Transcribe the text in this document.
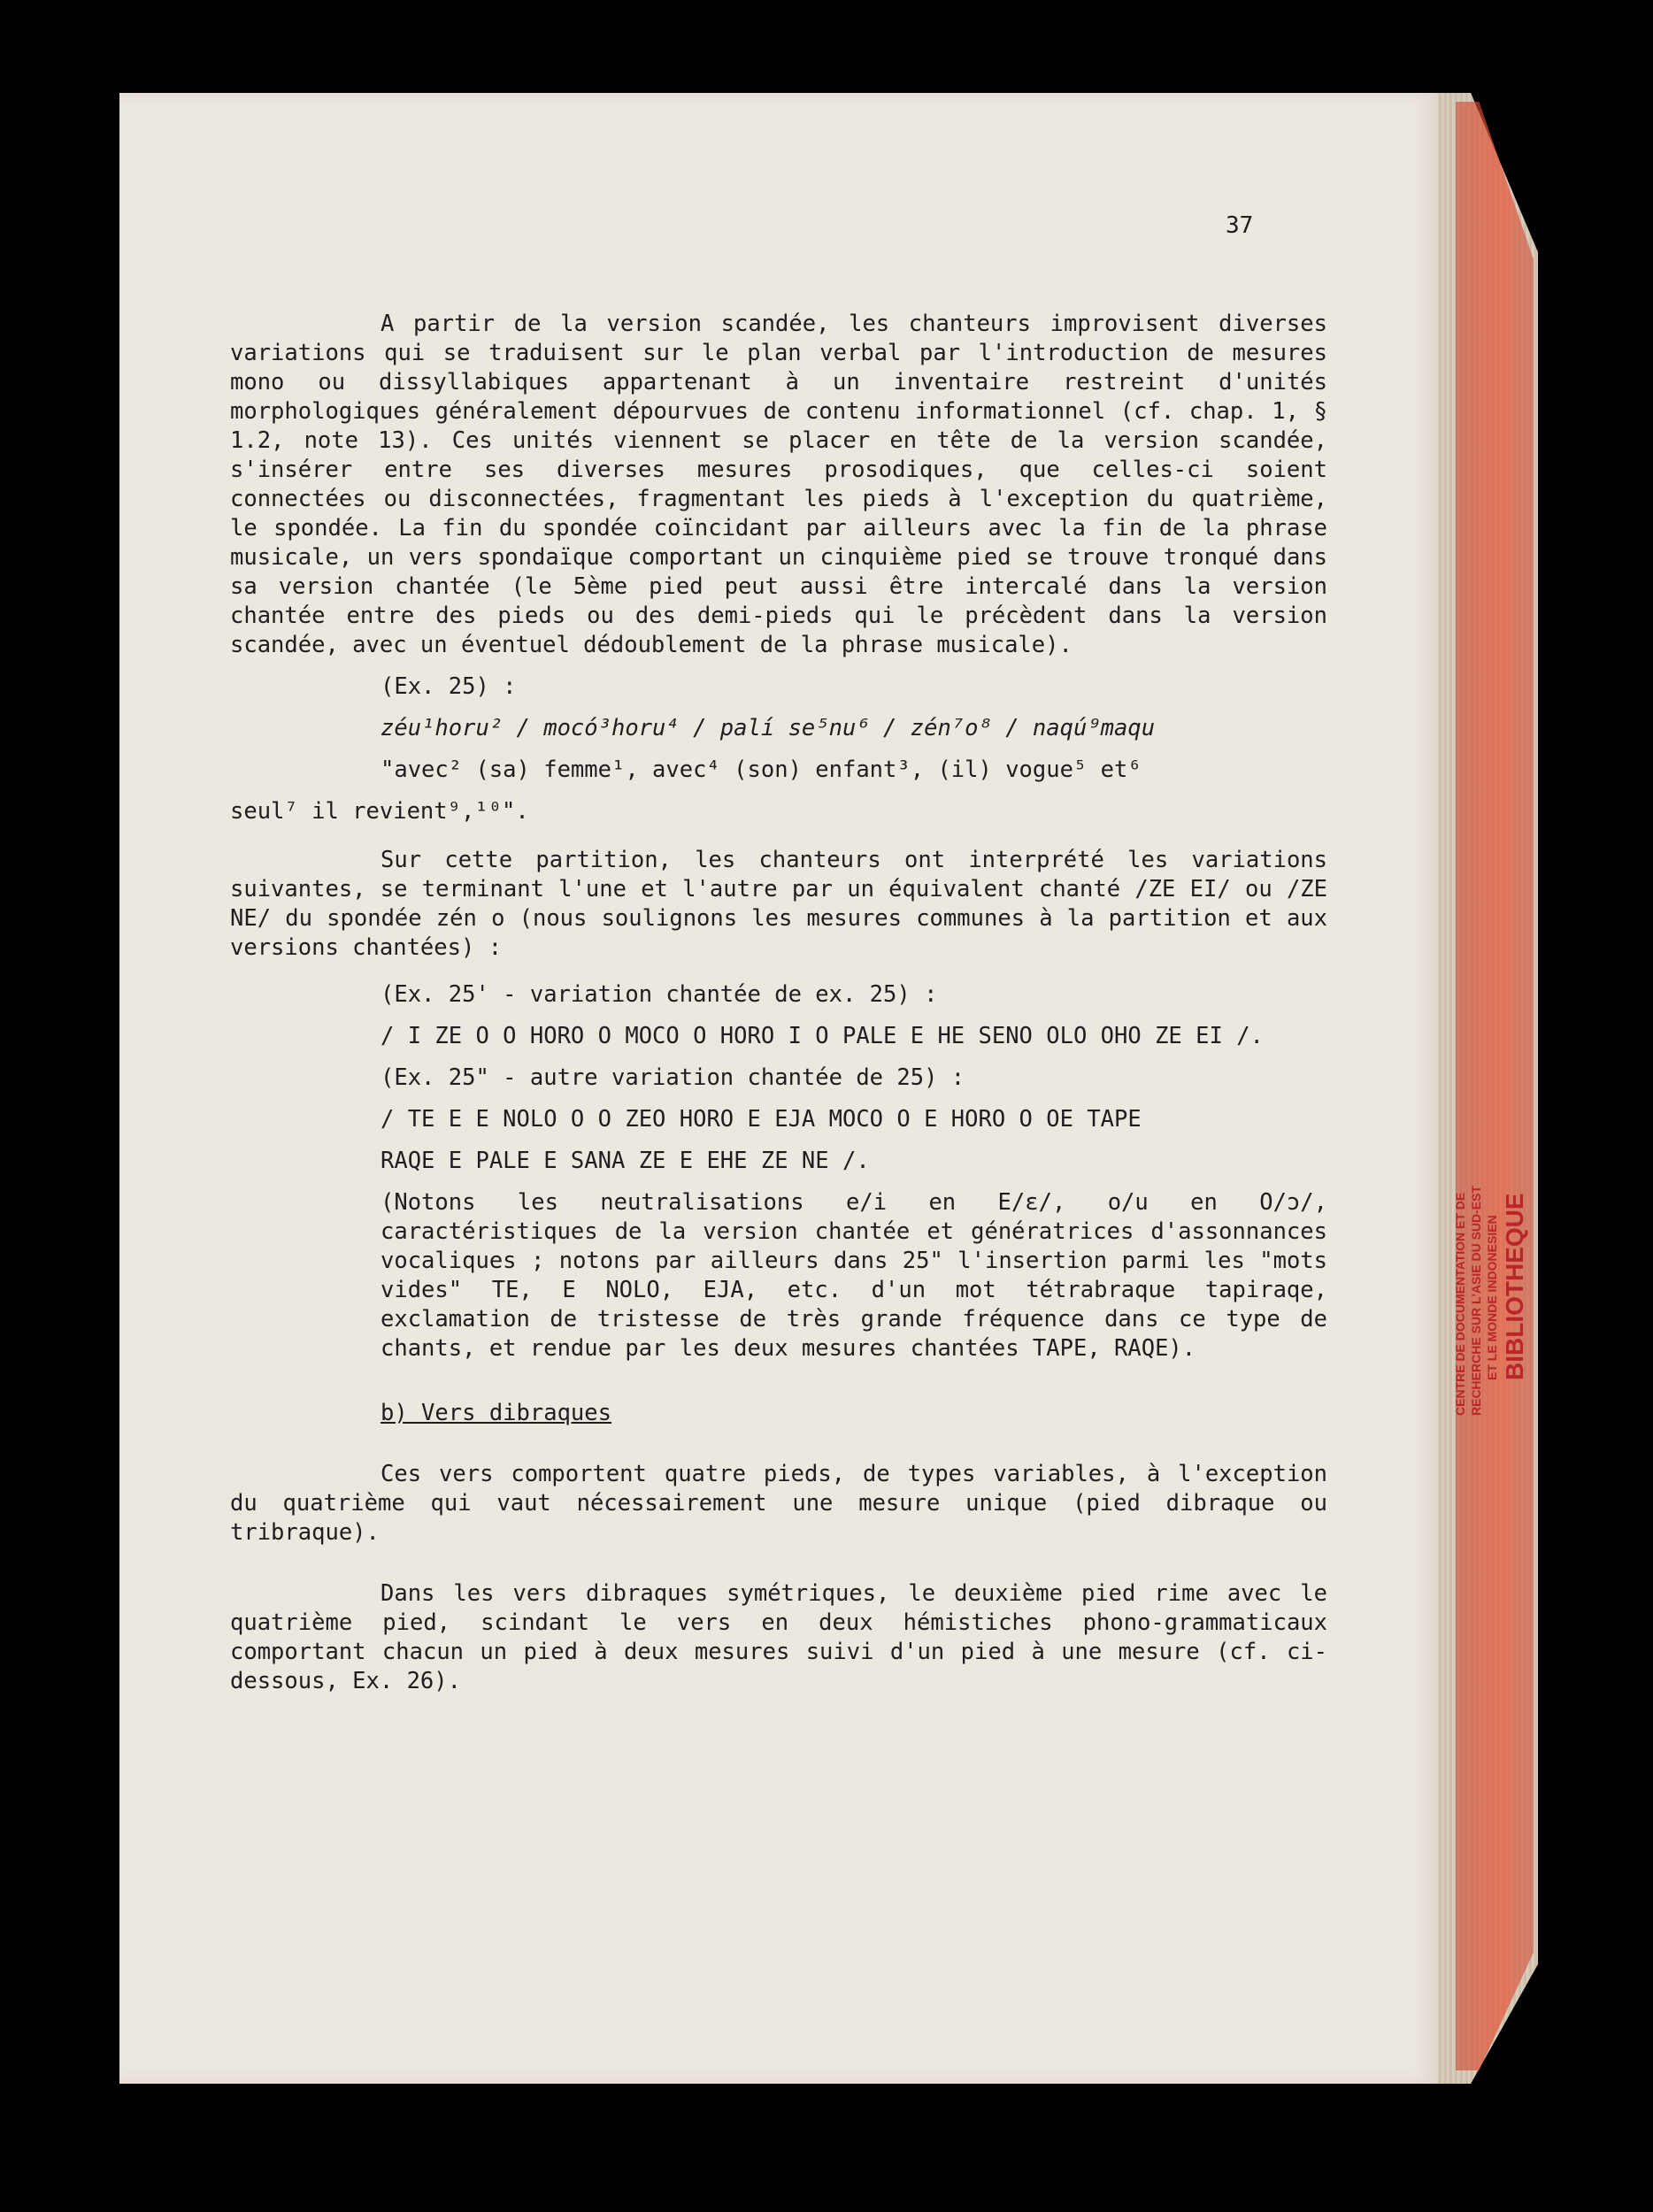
CENTRE DE DOCUMENTATION ET DE RECHERCHE SUR L'ASIE DU SUD-EST ET LE MONDE INDONESIEN BIBLIOTHEQUE
37

A partir de la version scandée, les chanteurs improvisent diverses variations qui se traduisent sur le plan verbal par l'introduction de mesures mono ou dissyllabiques appartenant à un inventaire restreint d'unités morphologiques généralement dépourvues de contenu informationnel (cf. chap. 1, § 1.2, note 13). Ces unités viennent se placer en tête de la version scandée, s'insérer entre ses diverses mesures prosodiques, que celles-ci soient connectées ou disconnectées, fragmentant les pieds à l'exception du quatrième, le spondée. La fin du spondée coïncidant par ailleurs avec la fin de la phrase musicale, un vers spondaïque comportant un cinquième pied se trouve tronqué dans sa version chantée (le 5ème pied peut aussi être intercalé dans la version chantée entre des pieds ou des demi-pieds qui le précèdent dans la version scandée, avec un éventuel dédoublement de la phrase musicale).

(Ex. 25) :

zéu¹horu² / mocó³horu⁴ / palí se⁵nu⁶ / zén⁷o⁸ / naqú⁹maqu

"avec² (sa) femme¹, avec⁴ (son) enfant³, (il) vogue⁵ et⁶

seul⁷ il revient⁹,¹⁰".

Sur cette partition, les chanteurs ont interprété les variations suivantes, se terminant l'une et l'autre par un équivalent chanté /ZE EI/ ou /ZE NE/ du spondée zén o (nous soulignons les mesures communes à la partition et aux versions chantées) :

(Ex. 25' - variation chantée de ex. 25) :

/ I ZE O O HORO O MOCO O HORO I O PALE E HE SENO OLO OHO ZE EI /.

(Ex. 25" - autre variation chantée de 25) :

/ TE E E NOLO O O ZEO HORO E EJA MOCO O E HORO O OE TAPE

RAQE E PALE E SANA ZE E EHE ZE NE /.

(Notons les neutralisations e/i en E/ɛ/, o/u en O/ɔ/, caractéristiques de la version chantée et génératrices d'assonnances vocaliques ; notons par ailleurs dans 25" l'insertion parmi les "mots vides" TE, E NOLO, EJA, etc. d'un mot tétrabraque tapiraqe, exclamation de tristesse de très grande fréquence dans ce type de chants, et rendue par les deux mesures chantées TAPE, RAQE).

b) Vers dibraques

Ces vers comportent quatre pieds, de types variables, à l'exception du quatrième qui vaut nécessairement une mesure unique (pied dibraque ou tribraque).

Dans les vers dibraques symétriques, le deuxième pied rime avec le quatrième pied, scindant le vers en deux hémistiches phono-grammaticaux comportant chacun un pied à deux mesures suivi d'un pied à une mesure (cf. ci-dessous, Ex. 26).
